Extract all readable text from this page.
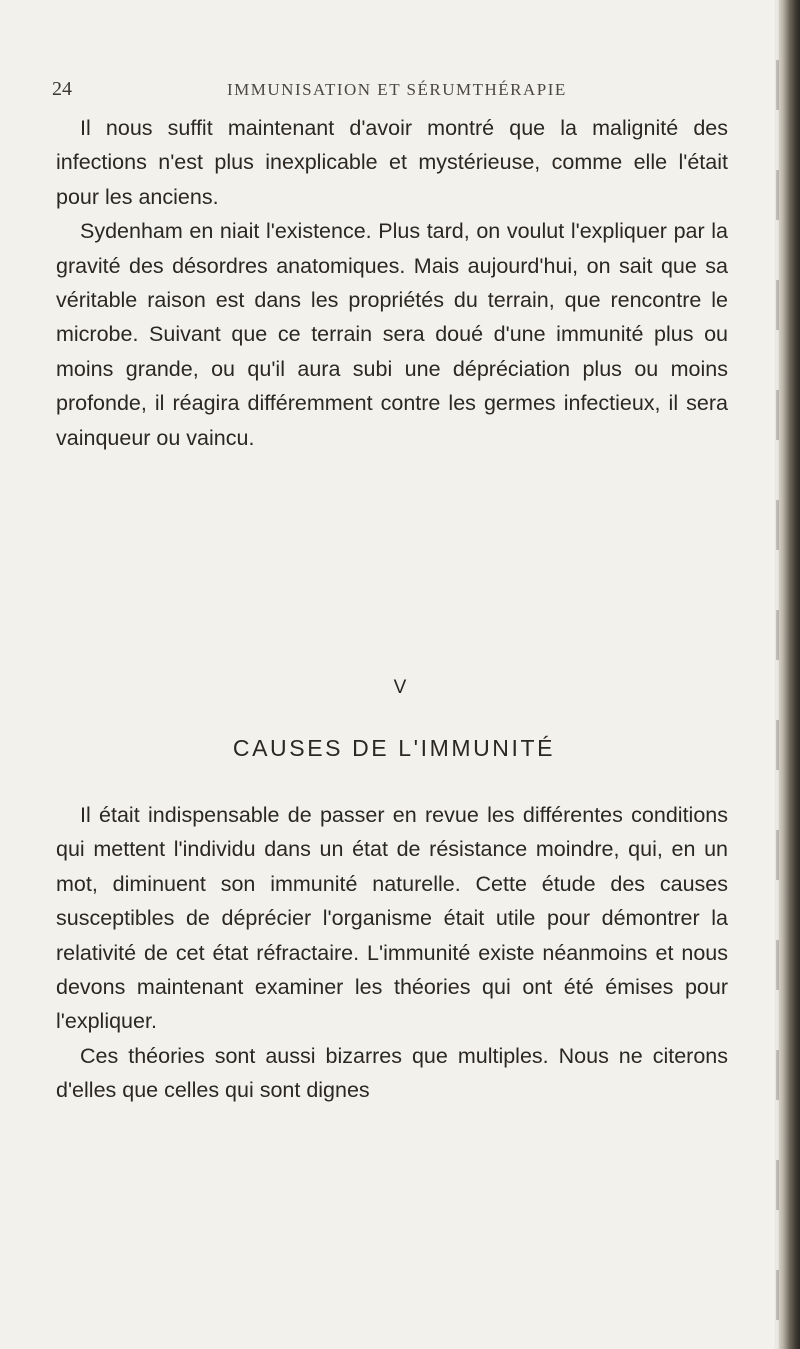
24	IMMUNISATION ET SÉRUMTHÉRAPIE

Il nous suffit maintenant d'avoir montré que la malignité des infections n'est plus inexplicable et mystérieuse, comme elle l'était pour les anciens.

Sydenham en niait l'existence. Plus tard, on voulut l'expliquer par la gravité des désordres anatomiques. Mais aujourd'hui, on sait que sa véritable raison est dans les propriétés du terrain, que rencontre le microbe. Suivant que ce terrain sera doué d'une immunité plus ou moins grande, ou qu'il aura subi une dépréciation plus ou moins profonde, il réagira différemment contre les germes infectieux, il sera vainqueur ou vaincu.

V

CAUSES DE L'IMMUNITÉ

Il était indispensable de passer en revue les différentes conditions qui mettent l'individu dans un état de résistance moindre, qui, en un mot, diminuent son immunité naturelle. Cette étude des causes susceptibles de déprécier l'organisme était utile pour démontrer la relativité de cet état réfractaire. L'immunité existe néanmoins et nous devons maintenant examiner les théories qui ont été émises pour l'expliquer.

Ces théories sont aussi bizarres que multiples. Nous ne citerons d'elles que celles qui sont dignes
